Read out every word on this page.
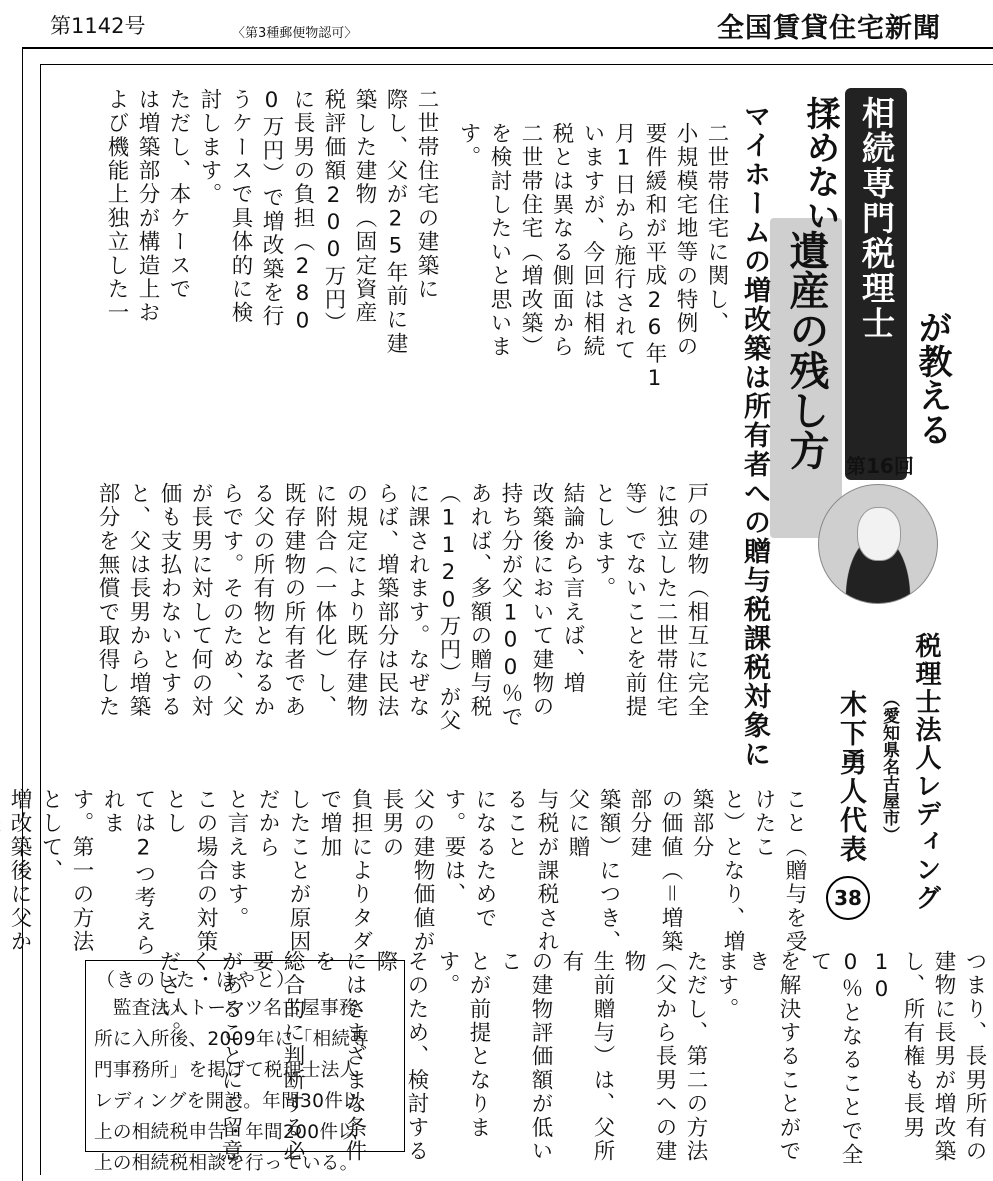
第1142号	〈第3種郵便物認可〉	全国賃貸住宅新聞
相続専門税理士
が教える
遺産の残し方
揉めない
第16回
マイホームの増改築は所有者への贈与税課税対象に
税理士法人レディング
（愛知県名古屋市）
木下勇人代表
38
二世帯住宅に関し、
小規模宅地等の特例の
要件緩和が平成26年1
月1日から施行されて
いますが、今回は相続
税とは異なる側面から
二世帯住宅（増改築）
を検討したいと思いま
す。
二世帯住宅の建築に
際し、父が25年前に建
築した建物（固定資産
税評価額200万円）
に長男の負担（280
0万円）で増改築を行
うケースで具体的に検
討します。
ただし、本ケースで
は増築部分が構造上お
よび機能上独立した一
戸の建物（相互に完全
に独立した二世帯住宅
等）でないことを前提
とします。
結論から言えば、増
改築後において建物の
持ち分が父100％で
あれば、多額の贈与税
（1120万円）が父
に課されます。なぜな
らば、増築部分は民法
の規定により既存建物
に附合（一体化）し、
既存建物の所有者であ
る父の所有物となるか
らです。そのため、父
が長男に対して何の対
価も支払わないとする
と、父は長男から増築
部分を無償で取得した
こと（贈与を受けたこ
と）となり、増築部分
の価値（＝増築部分建
築額）につき、父に贈
与税が課税されること
になるためです。要は、
父の建物価値が長男の
負担によりタダで増加
したことが原因だから
と言えます。
この場合の対策とし
ては2つ考えられま
す。第一の方法として、
増改築後に父か
つまり、長男所有の
建物に長男が増改築
し、所有権も長男10
0％となることで全て
を解決することができ
ます。
ただし、第二の方法
（父から長男への建物
生前贈与）は、父所有
の建物評価額が低いこ
とが前提となります。
そのため、検討する際
にはさまざまな条件を
総合的に判断する必要
があることにご留意く
ださい。
（きのした・はやと）
　監査法人トーマツ名古屋事務
所に入所後、2009年に「相続専
門事務所」を掲げて税理士法人
レディングを開設。年間30件以
上の相続税申告・年間200件以
上の相続税相談を行っている。
